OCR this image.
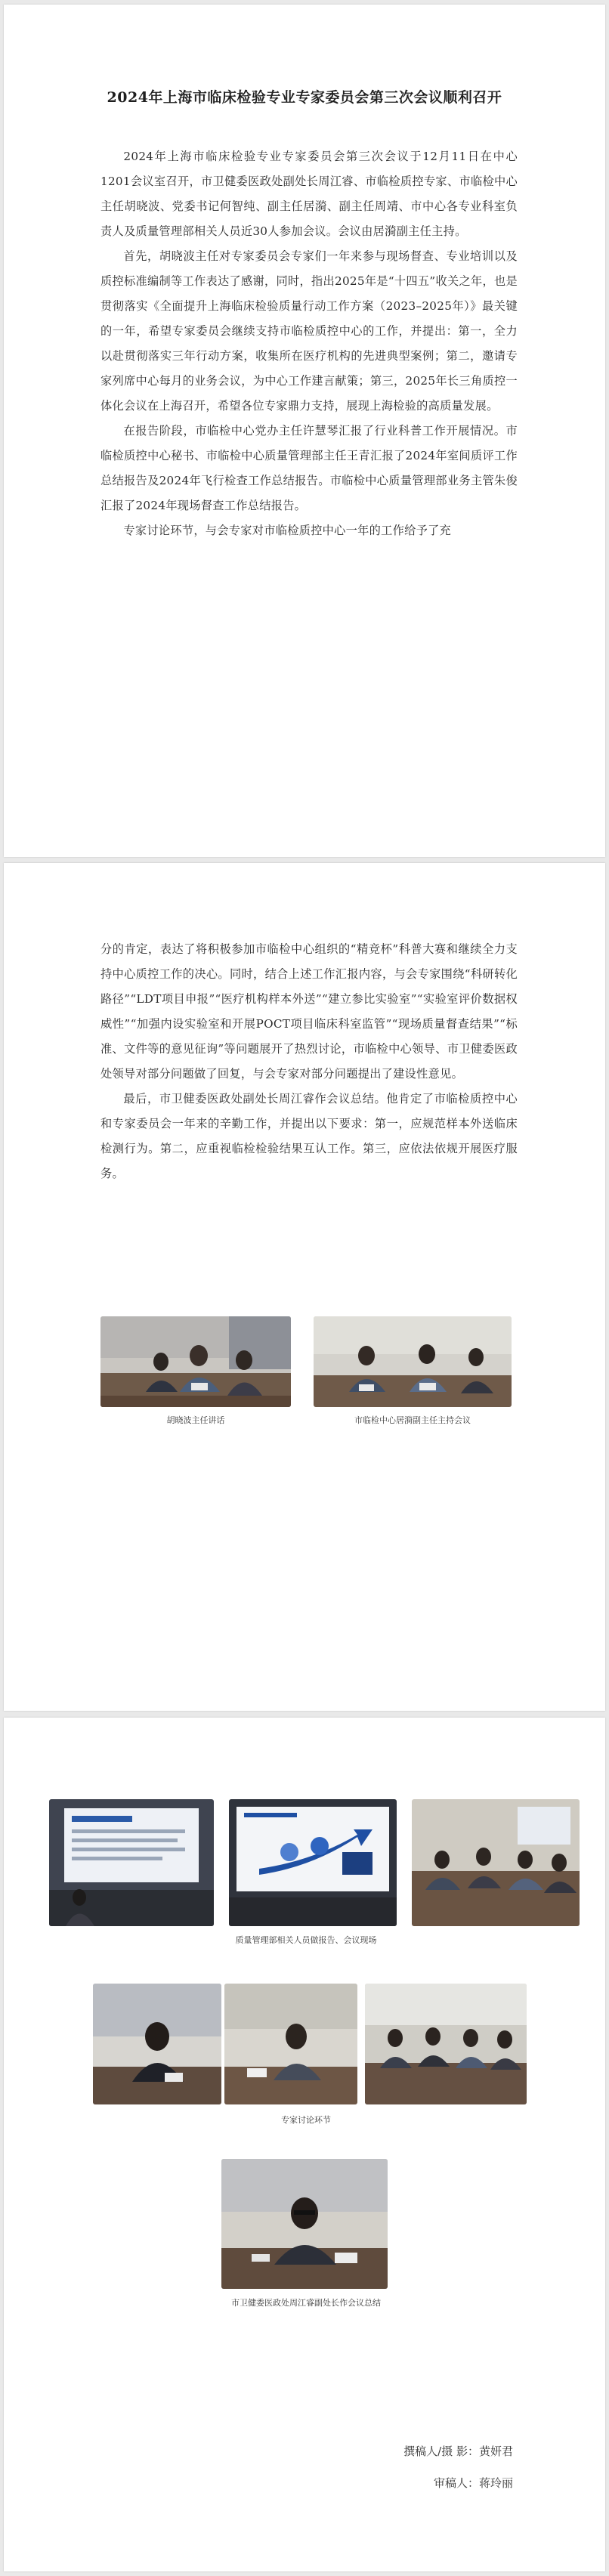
2024年上海市临床检验专业专家委员会第三次会议顺利召开

2024年上海市临床检验专业专家委员会第三次会议于12月11日在中心1201会议室召开，市卫健委医政处副处长周江睿、市临检质控专家、市临检中心主任胡晓波、党委书记何智纯、副主任居漪、副主任周靖、市中心各专业科室负责人及质量管理部相关人员近30人参加会议。会议由居漪副主任主持。

首先，胡晓波主任对专家委员会专家们一年来参与现场督查、专业培训以及质控标准编制等工作表达了感谢，同时，指出2025年是“十四五”收关之年，也是贯彻落实《全面提升上海临床检验质量行动工作方案（2023–2025年）》最关键的一年，希望专家委员会继续支持市临检质控中心的工作，并提出：第一，全力以赴贯彻落实三年行动方案，收集所在医疗机构的先进典型案例；第二，邀请专家列席中心每月的业务会议，为中心工作建言献策；第三，2025年长三角质控一体化会议在上海召开，希望各位专家鼎力支持，展现上海检验的高质量发展。

在报告阶段，市临检中心党办主任许慧琴汇报了行业科普工作开展情况。市临检质控中心秘书、市临检中心质量管理部主任王青汇报了2024年室间质评工作总结报告及2024年飞行检查工作总结报告。市临检中心质量管理部业务主管朱俊汇报了2024年现场督查工作总结报告。

专家讨论环节，与会专家对市临检质控中心一年的工作给予了充

分的肯定，表达了将积极参加市临检中心组织的“精竞杯”科普大赛和继续全力支持中心质控工作的决心。同时，结合上述工作汇报内容，与会专家围绕“科研转化路径”“LDT项目申报”“医疗机构样本外送”“建立参比实验室”“实验室评价数据权威性”“加强内设实验室和开展POCT项目临床科室监管”“现场质量督查结果”“标准、文件等的意见征询”等问题展开了热烈讨论，市临检中心领导、市卫健委医政处领导对部分问题做了回复，与会专家对部分问题提出了建设性意见。

最后，市卫健委医政处副处长周江睿作会议总结。他肯定了市临检质控中心和专家委员会一年来的辛勤工作，并提出以下要求：第一，应规范样本外送临床检测行为。第二，应重视临检检验结果互认工作。第三，应依法依规开展医疗服务。

胡晓波主任讲话	市临检中心居漪副主任主持会议
质量管理部相关人员做报告、会议现场
专家讨论环节
市卫健委医政处周江睿副处长作会议总结
撰稿人/摄 影：黄妍君
审稿人：蒋玲丽
